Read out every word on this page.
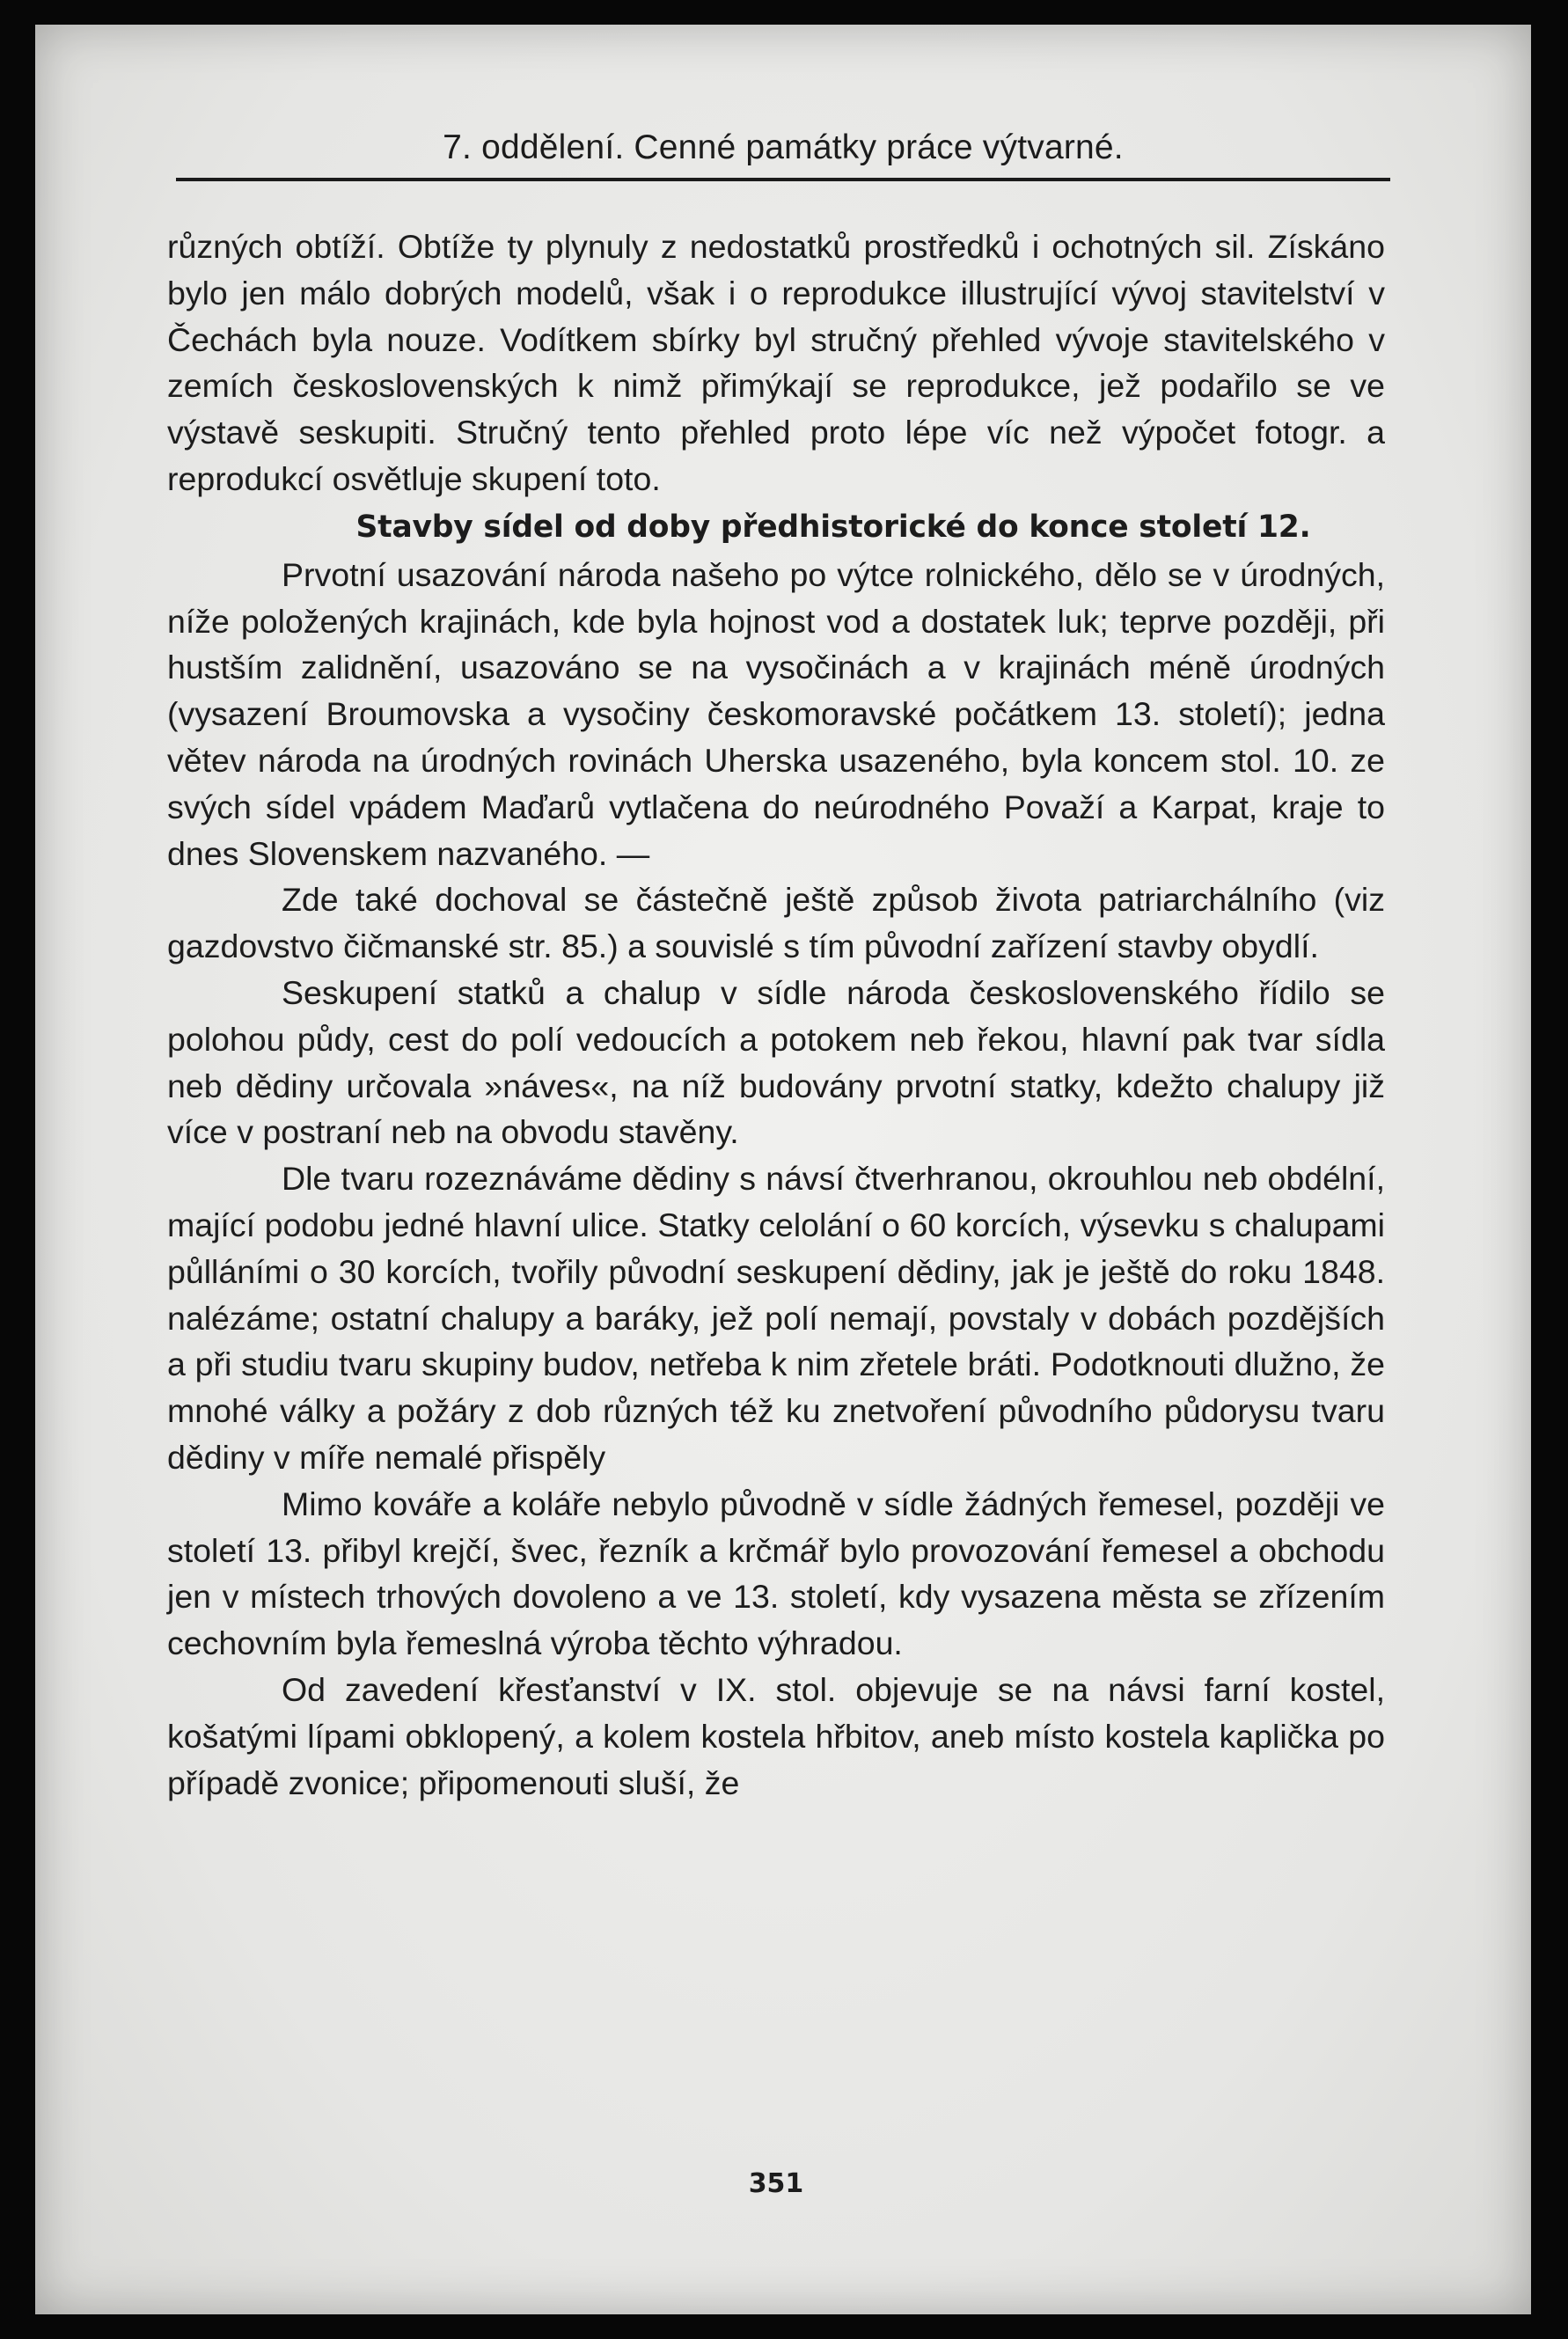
7. oddělení. Cenné památky práce výtvarné.

různých obtíží. Obtíže ty plynuly z nedostatků prostředků i ochotných sil. Získáno bylo jen málo dobrých modelů, však i o reprodukce illustrující vývoj stavitelství v Čechách byla nouze. Vodítkem sbírky byl stručný přehled vývoje stavitelského v zemích československých k nimž přimýkají se reprodukce, jež podařilo se ve výstavě seskupiti. Stručný tento přehled proto lépe víc než výpočet fotogr. a reprodukcí osvětluje skupení toto.

Stavby sídel od doby předhistorické do konce století 12.

Prvotní usazování národa našeho po výtce rolnického, dělo se v úrodných, níže položených krajinách, kde byla hojnost vod a dostatek luk; teprve později, při hustším zalidnění, usazováno se na vysočinách a v krajinách méně úrodných (vysazení Broumovska a vysočiny českomoravské počátkem 13. století); jedna větev národa na úrodných rovinách Uherska usazeného, byla koncem stol. 10. ze svých sídel vpádem Maďarů vytlačena do neúrodného Považí a Karpat, kraje to dnes Slovenskem nazvaného. —

Zde také dochoval se částečně ještě způsob života patriarchálního (viz gazdovstvo čičmanské str. 85.) a souvislé s tím původní zařízení stavby obydlí.

Seskupení statků a chalup v sídle národa československého řídilo se polohou půdy, cest do polí vedoucích a potokem neb řekou, hlavní pak tvar sídla neb dědiny určovala »náves«, na níž budovány prvotní statky, kdežto chalupy již více v postraní neb na obvodu stavěny.

Dle tvaru rozeznáváme dědiny s návsí čtverhranou, okrouhlou neb obdélní, mající podobu jedné hlavní ulice. Statky celolání o 60 korcích, výsevku s chalupami půlláními o 30 korcích, tvořily původní seskupení dědiny, jak je ještě do roku 1848. nalézáme; ostatní chalupy a baráky, jež polí nemají, povstaly v dobách pozdějších a při studiu tvaru skupiny budov, netřeba k nim zřetele bráti. Podotknouti dlužno, že mnohé války a požáry z dob různých též ku znetvoření původního půdorysu tvaru dědiny v míře nemalé přispěly

Mimo kováře a koláře nebylo původně v sídle žádných řemesel, později ve století 13. přibyl krejčí, švec, řezník a krčmář bylo provozování řemesel a obchodu jen v místech trhových dovoleno a ve 13. století, kdy vysazena města se zřízením cechovním byla řemeslná výroba těchto výhradou.

Od zavedení křesťanství v IX. stol. objevuje se na návsi farní kostel, košatými lípami obklopený, a kolem kostela hřbitov, aneb místo kostela kaplička po případě zvonice; připomenouti sluší, že

351
